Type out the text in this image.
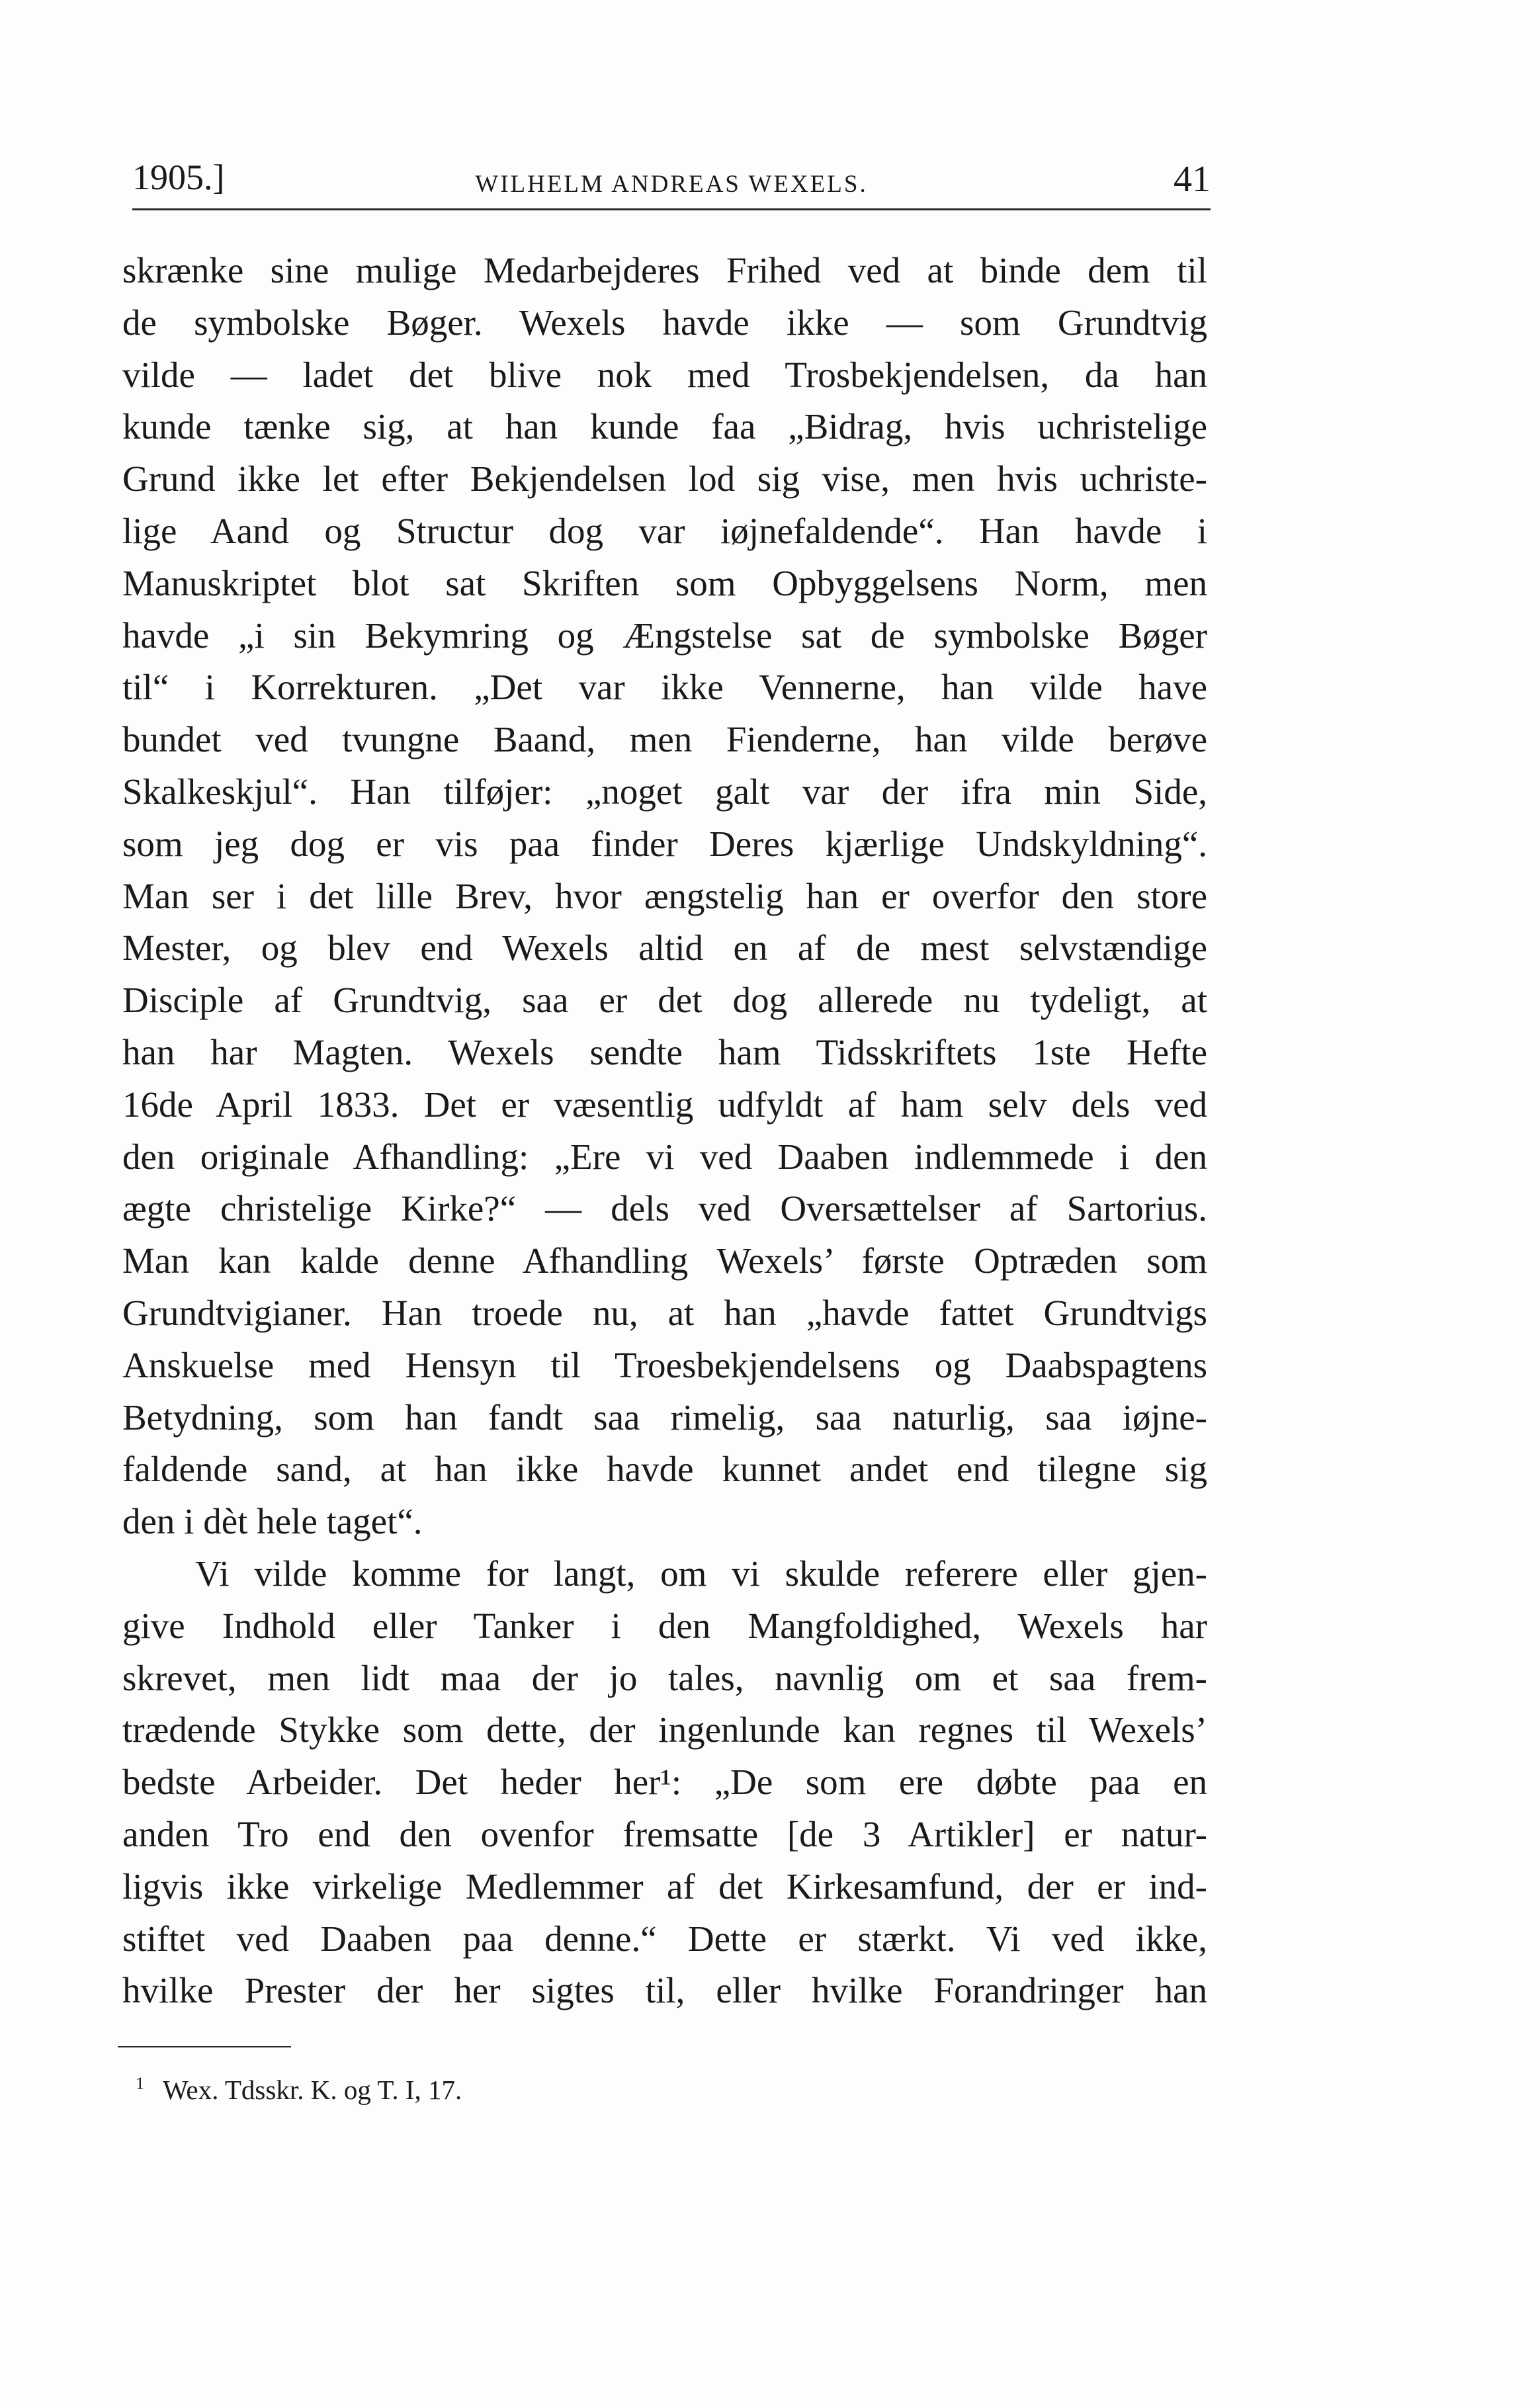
1905.]	WILHELM ANDREAS WEXELS.	41
skrænke sine mulige Medarbejderes Frihed ved at binde dem til
de symbolske Bøger. Wexels havde ikke — som Grundtvig
vilde — ladet det blive nok med Trosbekjendelsen, da han
kunde tænke sig, at han kunde faa „Bidrag, hvis uchristelige
Grund ikke let efter Bekjendelsen lod sig vise, men hvis uchriste-
lige Aand og Structur dog var iøjnefaldende“. Han havde i
Manuskriptet blot sat Skriften som Opbyggelsens Norm, men
havde „i sin Bekymring og Ængstelse sat de symbolske Bøger
til“ i Korrekturen. „Det var ikke Vennerne, han vilde have
bundet ved tvungne Baand, men Fienderne, han vilde berøve
Skalkeskjul“. Han tilføjer: „noget galt var der ifra min Side,
som jeg dog er vis paa finder Deres kjærlige Undskyldning“.
Man ser i det lille Brev, hvor ængstelig han er overfor den store
Mester, og blev end Wexels altid en af de mest selvstændige
Disciple af Grundtvig, saa er det dog allerede nu tydeligt, at
han har Magten. Wexels sendte ham Tidsskriftets 1ste Hefte
16de April 1833. Det er væsentlig udfyldt af ham selv dels ved
den originale Afhandling: „Ere vi ved Daaben indlemmede i den
ægte christelige Kirke?“ — dels ved Oversættelser af Sartorius.
Man kan kalde denne Afhandling Wexels’ første Optræden som
Grundtvigianer. Han troede nu, at han „havde fattet Grundtvigs
Anskuelse med Hensyn til Troesbekjendelsens og Daabspagtens
Betydning, som han fandt saa rimelig, saa naturlig, saa iøjne-
faldende sand, at han ikke havde kunnet andet end tilegne sig
den i dèt hele taget“.
Vi vilde komme for langt, om vi skulde referere eller gjen-
give Indhold eller Tanker i den Mangfoldighed, Wexels har
skrevet, men lidt maa der jo tales, navnlig om et saa frem-
trædende Stykke som dette, der ingenlunde kan regnes til Wexels’
bedste Arbeider. Det heder her¹: „De som ere døbte paa en
anden Tro end den ovenfor fremsatte [de 3 Artikler] er natur-
ligvis ikke virkelige Medlemmer af det Kirkesamfund, der er ind-
stiftet ved Daaben paa denne.“ Dette er stærkt. Vi ved ikke,
hvilke Prester der her sigtes til, eller hvilke Forandringer han
$^1$ Wex. Tdsskr. K. og T. I, 17.
